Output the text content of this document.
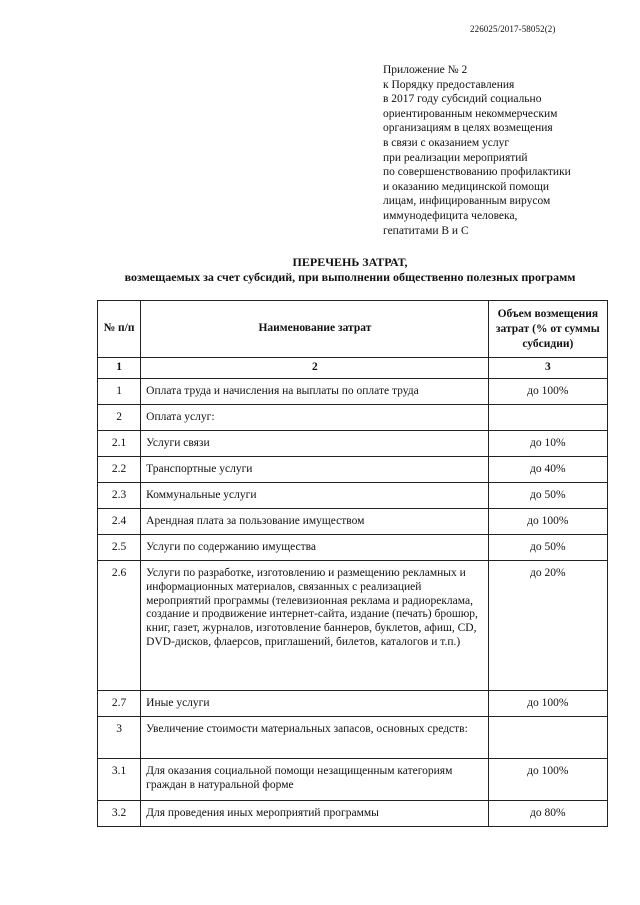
226025/2017-58052(2)
Приложение № 2
к Порядку предоставления
в 2017 году субсидий социально
ориентированным некоммерческим
организациям в целях возмещения
в связи с оказанием услуг
при реализации мероприятий
по совершенствованию профилактики
и оказанию медицинской помощи
лицам, инфицированным вирусом
иммунодефицита человека,
гепатитами В и С
ПЕРЕЧЕНЬ ЗАТРАТ,
возмещаемых за счет субсидий, при выполнении общественно полезных программ
№ п/п	Наименование затрат	Объем возмещения затрат (% от суммы субсидии)
1	2	3
1	Оплата труда и начисления на выплаты по оплате труда	до 100%
2	Оплата услуг:	
2.1	Услуги связи	до 10%
2.2	Транспортные услуги	до 40%
2.3	Коммунальные услуги	до 50%
2.4	Арендная плата за пользование имуществом	до 100%
2.5	Услуги по содержанию имущества	до 50%
2.6	Услуги по разработке, изготовлению и размещению рекламных и информационных материалов, связанных с реализацией мероприятий программы (телевизионная реклама и радиореклама, создание и продвижение интернет-сайта, издание (печать) брошюр, книг, газет, журналов, изготовление баннеров, буклетов, афиш, CD, DVD-дисков, флаерсов, приглашений, билетов, каталогов и т.п.)	до 20%
2.7	Иные услуги	до 100%
3	Увеличение стоимости материальных запасов, основных средств:	
3.1	Для оказания социальной помощи незащищенным категориям граждан в натуральной форме	до 100%
3.2	Для проведения иных мероприятий программы	до 80%
